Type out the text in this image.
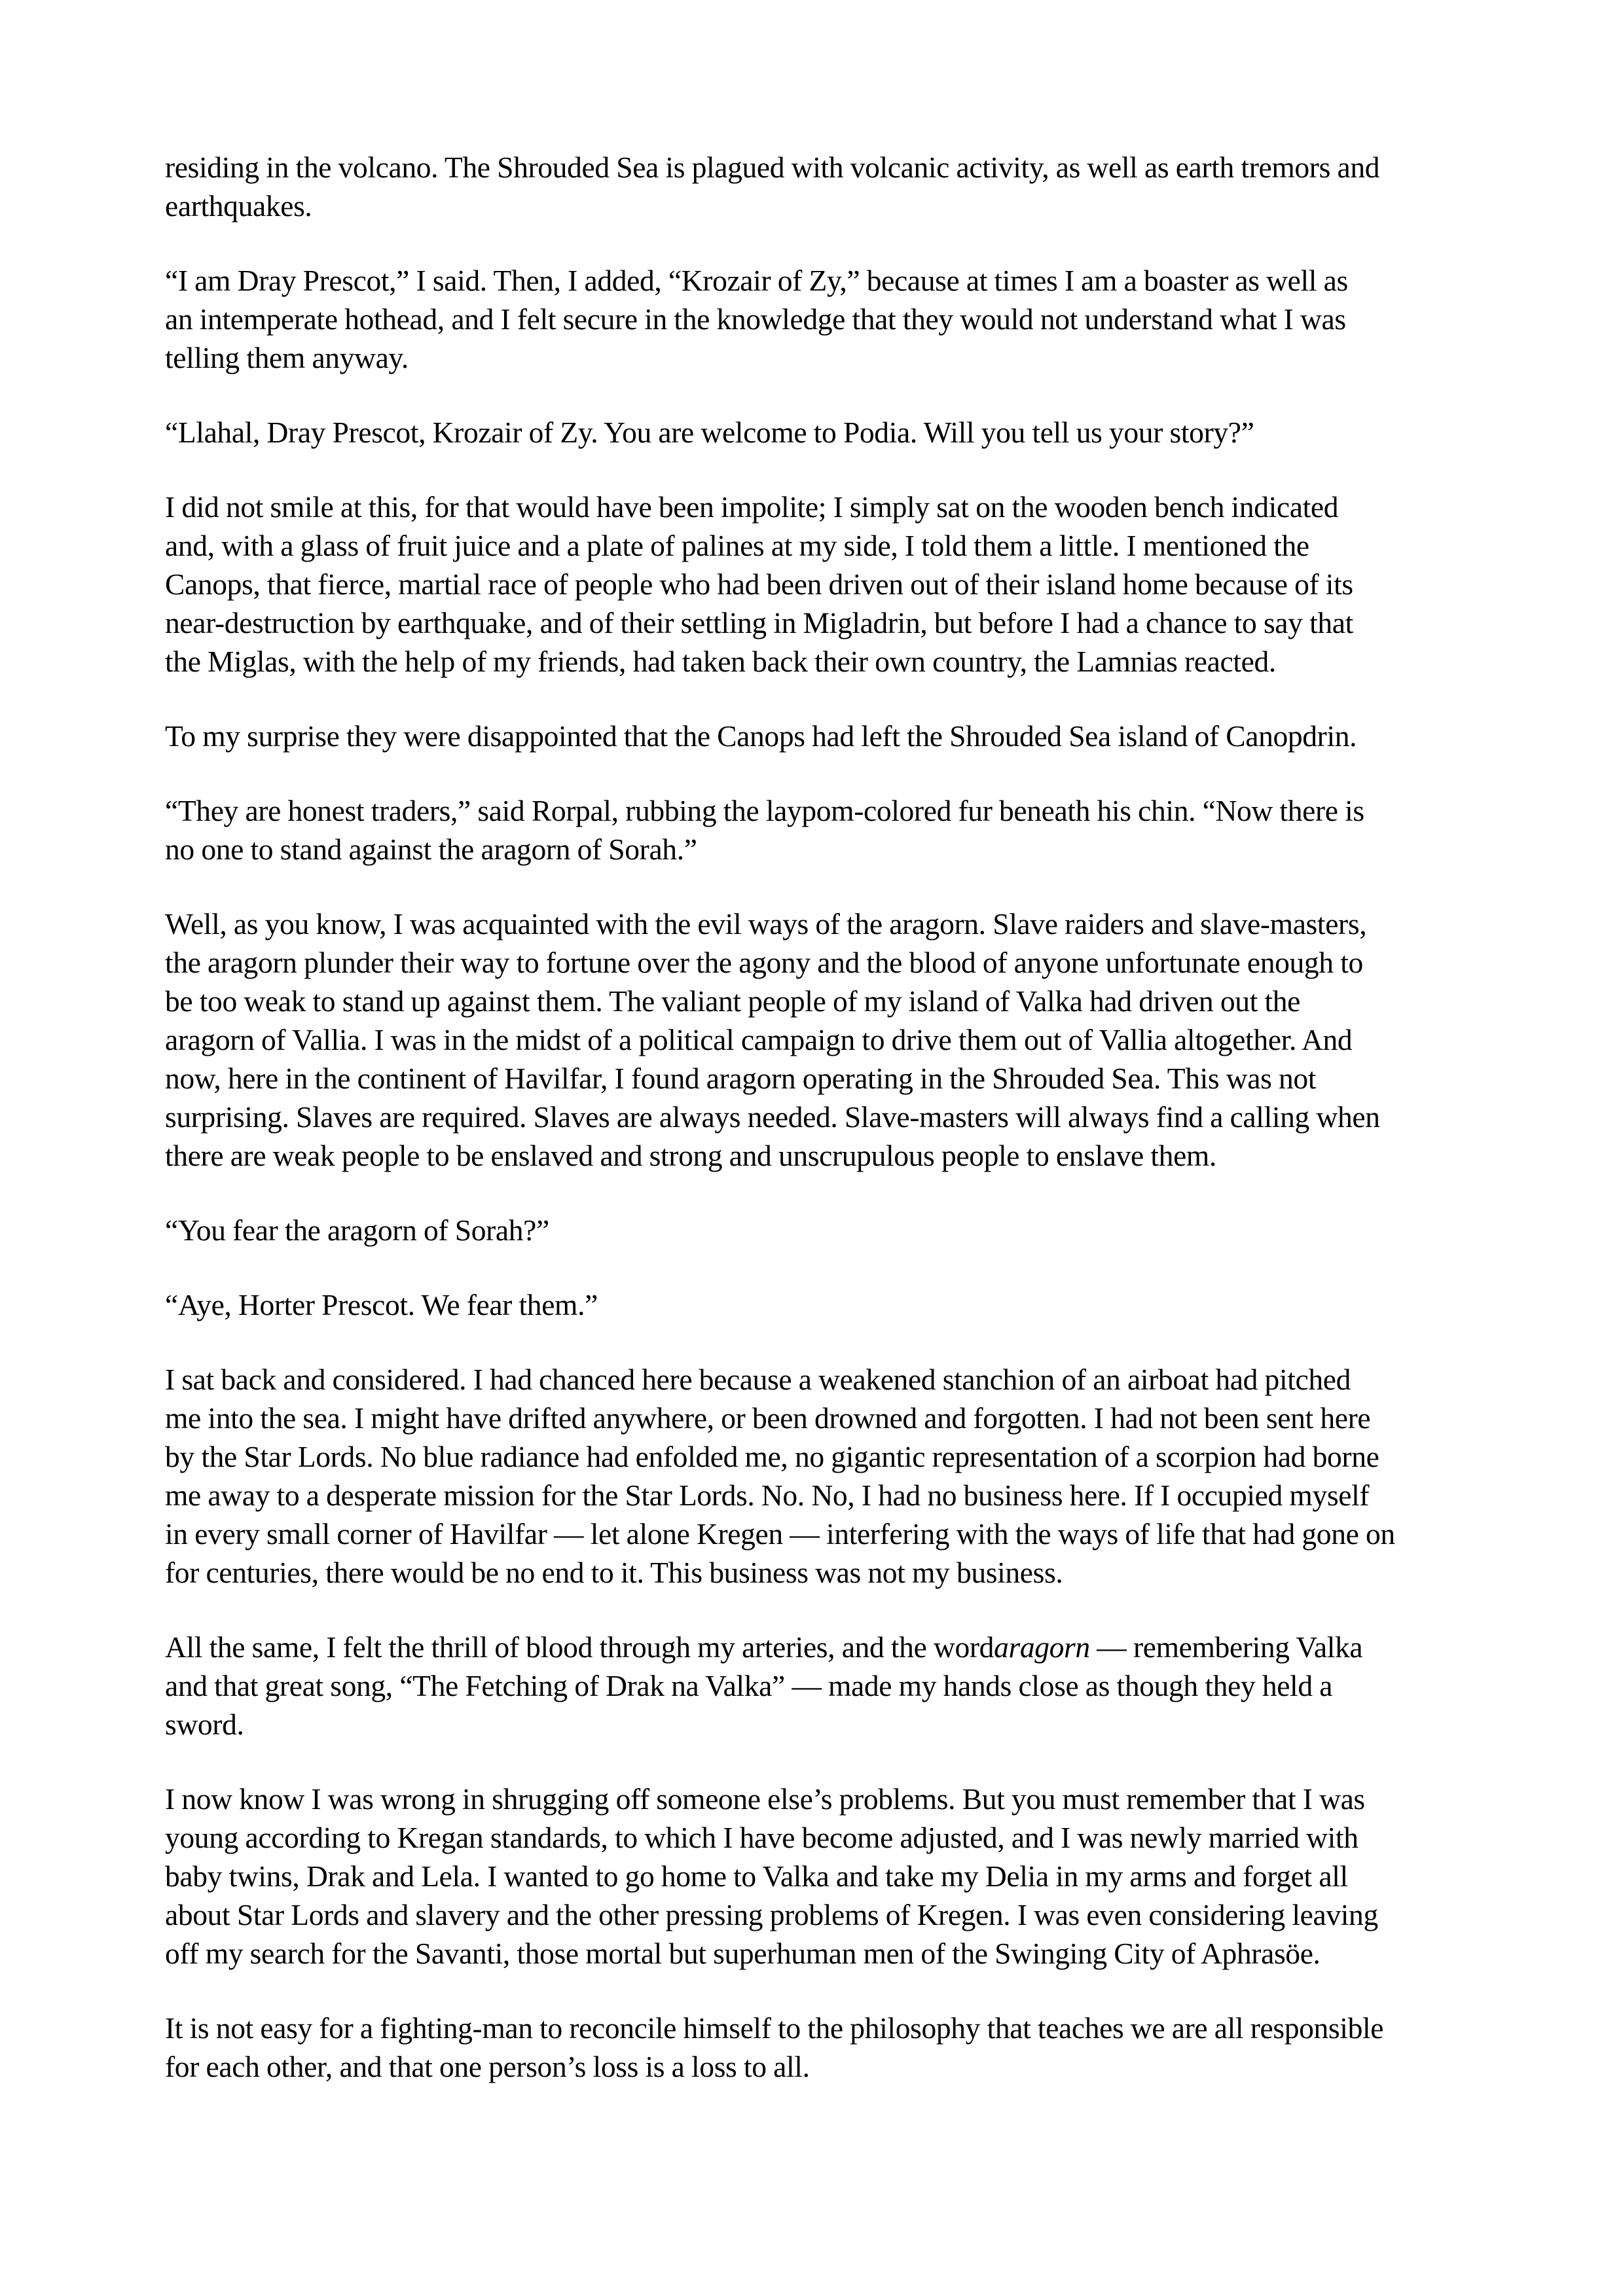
residing in the volcano. The Shrouded Sea is plagued with volcanic activity, as well as earth tremors and
earthquakes.

“I am Dray Prescot,” I said. Then, I added, “Krozair of Zy,” because at times I am a boaster as well as
an intemperate hothead, and I felt secure in the knowledge that they would not understand what I was
telling them anyway.

“Llahal, Dray Prescot, Krozair of Zy. You are welcome to Podia. Will you tell us your story?”

I did not smile at this, for that would have been impolite; I simply sat on the wooden bench indicated
and, with a glass of fruit juice and a plate of palines at my side, I told them a little. I mentioned the
Canops, that fierce, martial race of people who had been driven out of their island home because of its
near-destruction by earthquake, and of their settling in Migladrin, but before I had a chance to say that
the Miglas, with the help of my friends, had taken back their own country, the Lamnias reacted.

To my surprise they were disappointed that the Canops had left the Shrouded Sea island of Canopdrin.

“They are honest traders,” said Rorpal, rubbing the laypom-colored fur beneath his chin. “Now there is
no one to stand against the aragorn of Sorah.”

Well, as you know, I was acquainted with the evil ways of the aragorn. Slave raiders and slave-masters,
the aragorn plunder their way to fortune over the agony and the blood of anyone unfortunate enough to
be too weak to stand up against them. The valiant people of my island of Valka had driven out the
aragorn of Vallia. I was in the midst of a political campaign to drive them out of Vallia altogether. And
now, here in the continent of Havilfar, I found aragorn operating in the Shrouded Sea. This was not
surprising. Slaves are required. Slaves are always needed. Slave-masters will always find a calling when
there are weak people to be enslaved and strong and unscrupulous people to enslave them.

“You fear the aragorn of Sorah?”

“Aye, Horter Prescot. We fear them.”

I sat back and considered. I had chanced here because a weakened stanchion of an airboat had pitched
me into the sea. I might have drifted anywhere, or been drowned and forgotten. I had not been sent here
by the Star Lords. No blue radiance had enfolded me, no gigantic representation of a scorpion had borne
me away to a desperate mission for the Star Lords. No. No, I had no business here. If I occupied myself
in every small corner of Havilfar — let alone Kregen — interfering with the ways of life that had gone on
for centuries, there would be no end to it. This business was not my business.

All the same, I felt the thrill of blood through my arteries, and the wordaragorn — remembering Valka
and that great song, “The Fetching of Drak na Valka” — made my hands close as though they held a
sword.

I now know I was wrong in shrugging off someone else’s problems. But you must remember that I was
young according to Kregan standards, to which I have become adjusted, and I was newly married with
baby twins, Drak and Lela. I wanted to go home to Valka and take my Delia in my arms and forget all
about Star Lords and slavery and the other pressing problems of Kregen. I was even considering leaving
off my search for the Savanti, those mortal but superhuman men of the Swinging City of Aphrasöe.

It is not easy for a fighting-man to reconcile himself to the philosophy that teaches we are all responsible
for each other, and that one person’s loss is a loss to all.
